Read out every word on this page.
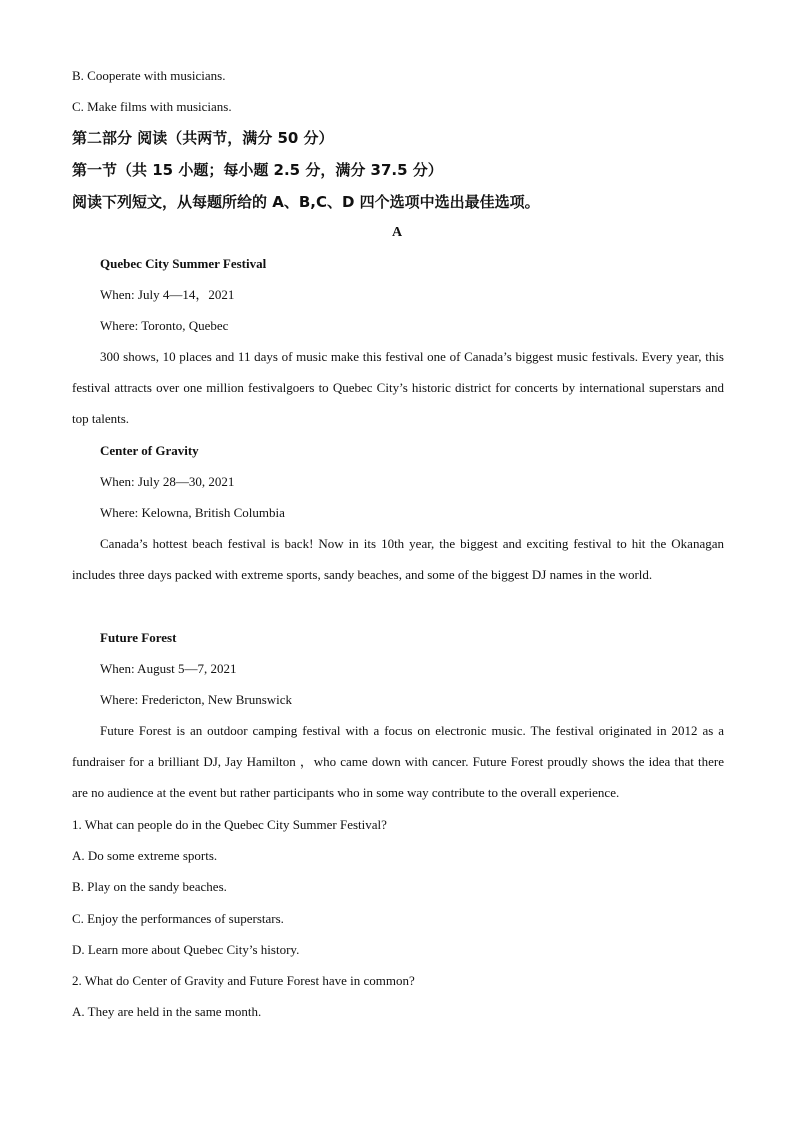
B. Cooperate with musicians.
C. Make films with musicians.
第二部分 阅读（共两节，满分 50 分）
第一节（共 15 小题；每小题 2.5 分，满分 37.5 分）
阅读下列短文，从每题所给的 A、B,C、D 四个选项中选出最佳选项。
A
Quebec City Summer Festival
When: July 4—14，2021
Where: Toronto, Quebec
300 shows, 10 places and 11 days of music make this festival one of Canada’s biggest music festivals. Every year, this festival attracts over one million festivalgoers to Quebec City’s historic district for concerts by international superstars and top talents.
Center of Gravity
When: July 28—30, 2021
Where: Kelowna, British Columbia
Canada’s hottest beach festival is back! Now in its 10th year, the biggest and exciting festival to hit the Okanagan includes three days packed with extreme sports, sandy beaches, and some of the biggest DJ names in the world.
Future Forest
When: August 5—7, 2021
Where: Fredericton, New Brunswick
Future Forest is an outdoor camping festival with a focus on electronic music. The festival originated in 2012 as a fundraiser for a brilliant DJ, Jay Hamilton ，who came down with cancer. Future Forest proudly shows the idea that there are no audience at the event but rather participants who in some way contribute to the overall experience.
1. What can people do in the Quebec City Summer Festival?
A. Do some extreme sports.
B. Play on the sandy beaches.
C. Enjoy the performances of superstars.
D. Learn more about Quebec City’s history.
2. What do Center of Gravity and Future Forest have in common?
A. They are held in the same month.
